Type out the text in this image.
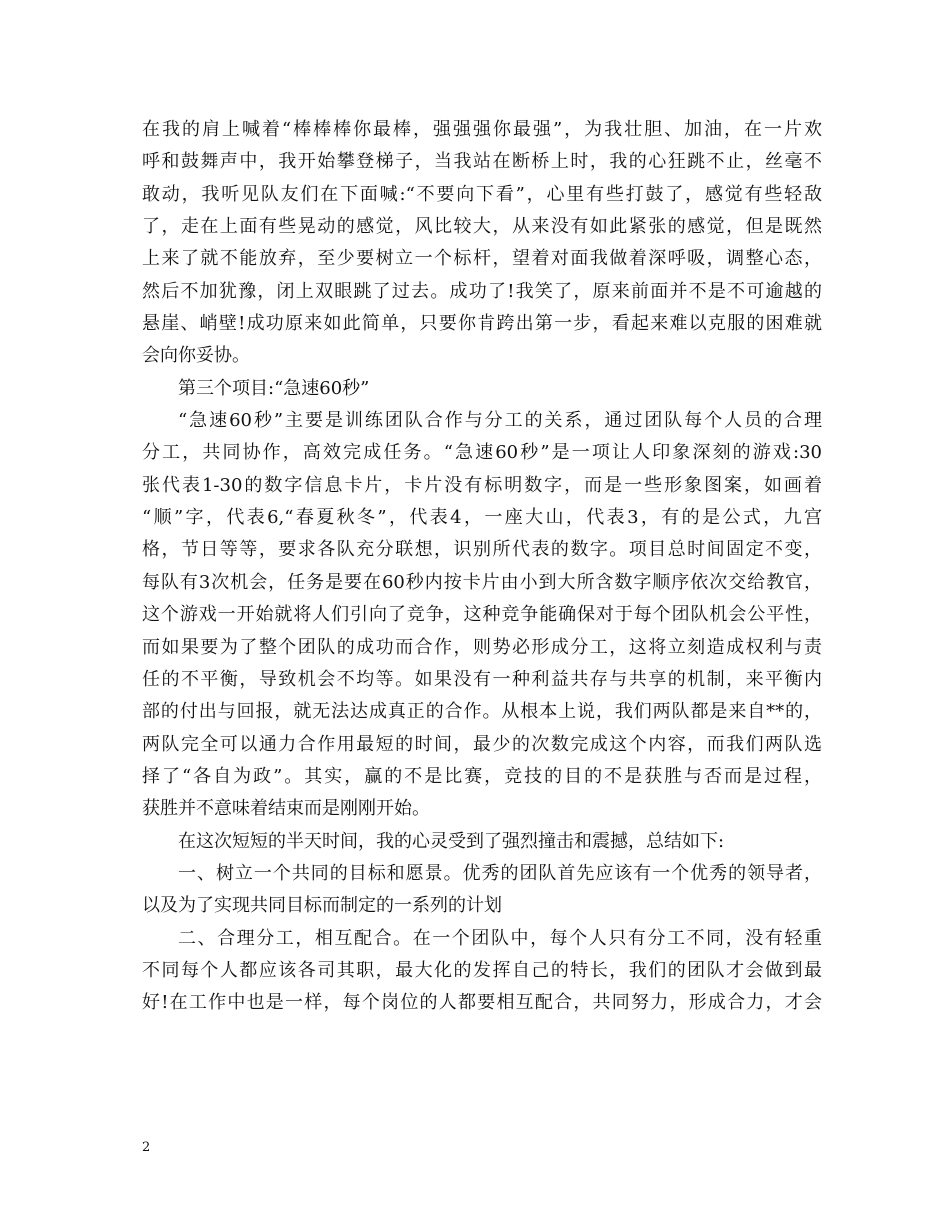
在我的肩上喊着“棒棒棒你最棒，强强强你最强”，为我壮胆、加油，在一片欢
呼和鼓舞声中，我开始攀登梯子，当我站在断桥上时，我的心狂跳不止，丝毫不
敢动，我听见队友们在下面喊:“不要向下看”，心里有些打鼓了，感觉有些轻敌
了，走在上面有些晃动的感觉，风比较大，从来没有如此紧张的感觉，但是既然
上来了就不能放弃，至少要树立一个标杆，望着对面我做着深呼吸，调整心态，
然后不加犹豫，闭上双眼跳了过去。成功了!我笑了，原来前面并不是不可逾越的
悬崖、峭壁!成功原来如此简单，只要你肯跨出第一步，看起来难以克服的困难就
会向你妥协。
第三个项目:“急速60秒”
“急速60秒”主要是训练团队合作与分工的关系，通过团队每个人员的合理
分工，共同协作，高效完成任务。“急速60秒”是一项让人印象深刻的游戏:30
张代表1-30的数字信息卡片，卡片没有标明数字，而是一些形象图案，如画着
“顺”字，代表6,“春夏秋冬”，代表4，一座大山，代表3，有的是公式，九宫
格，节日等等，要求各队充分联想，识别所代表的数字。项目总时间固定不变，
每队有3次机会，任务是要在60秒内按卡片由小到大所含数字顺序依次交给教官，
这个游戏一开始就将人们引向了竞争，这种竞争能确保对于每个团队机会公平性，
而如果要为了整个团队的成功而合作，则势必形成分工，这将立刻造成权利与责
任的不平衡，导致机会不均等。如果没有一种利益共存与共享的机制，来平衡内
部的付出与回报，就无法达成真正的合作。从根本上说，我们两队都是来自**的，
两队完全可以通力合作用最短的时间，最少的次数完成这个内容，而我们两队选
择了“各自为政”。其实，赢的不是比赛，竞技的目的不是获胜与否而是过程，
获胜并不意味着结束而是刚刚开始。
在这次短短的半天时间，我的心灵受到了强烈撞击和震撼，总结如下:
一、树立一个共同的目标和愿景。优秀的团队首先应该有一个优秀的领导者，
以及为了实现共同目标而制定的一系列的计划
二、合理分工，相互配合。在一个团队中，每个人只有分工不同，没有轻重
不同每个人都应该各司其职，最大化的发挥自己的特长，我们的团队才会做到最
好!在工作中也是一样，每个岗位的人都要相互配合，共同努力，形成合力，才会
2
